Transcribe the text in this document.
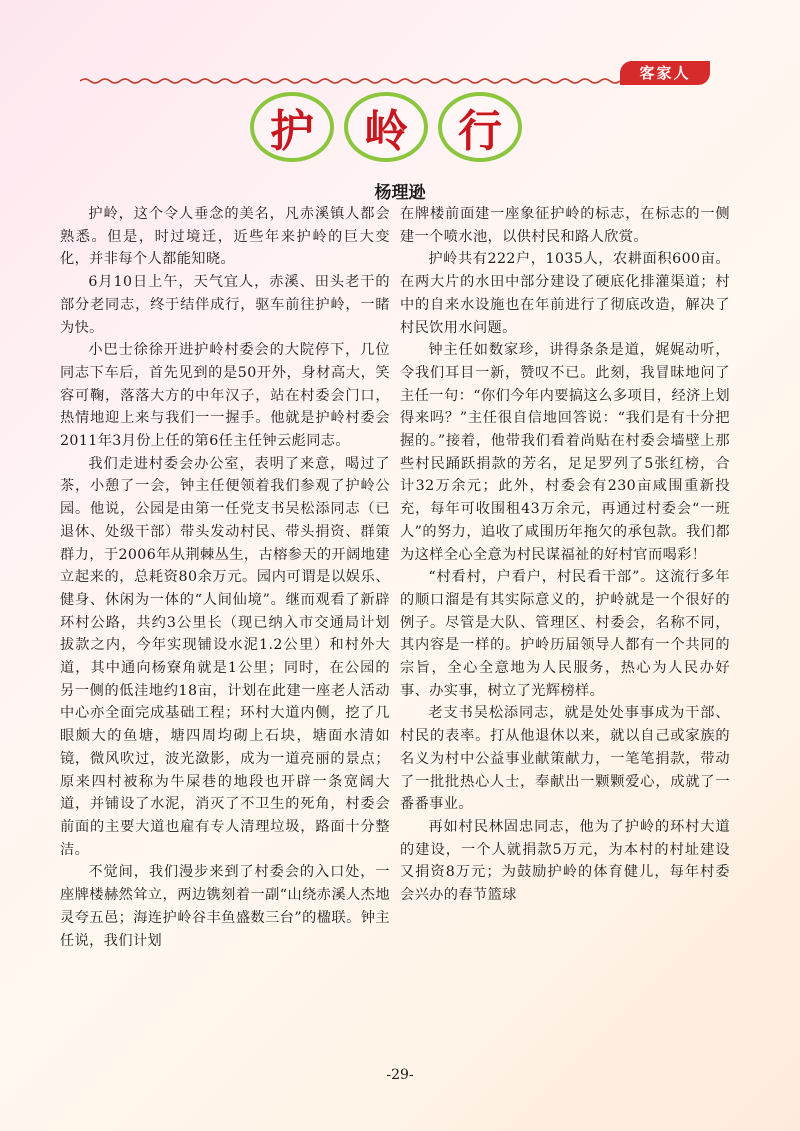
客家人
护	岭	行
杨理逊

护岭，这个令人垂念的美名，凡赤溪镇人都会熟悉。但是，时过境迁，近些年来护岭的巨大变化，并非每个人都能知晓。

6月10日上午，天气宜人，赤溪、田头老干的部分老同志，终于结伴成行，驱车前往护岭，一睹为快。

小巴士徐徐开进护岭村委会的大院停下，几位同志下车后，首先见到的是50开外，身材高大，笑容可鞠，落落大方的中年汉子，站在村委会门口，热情地迎上来与我们一一握手。他就是护岭村委会2011年3月份上任的第6任主任钟云彪同志。

我们走进村委会办公室，表明了来意，喝过了茶，小憩了一会，钟主任便领着我们参观了护岭公园。他说，公园是由第一任党支书吴松添同志（已退休、处级干部）带头发动村民、带头捐资、群策群力，于2006年从荆棘丛生，古榕参天的开阔地建立起来的，总耗资80余万元。园内可谓是以娱乐、健身、休闲为一体的“人间仙境”。继而观看了新辟环村公路，共约3公里长（现已纳入市交通局计划拔款之内，今年实现铺设水泥1.2公里）和村外大道，其中通向杨寮角就是1公里；同时，在公园的另一侧的低洼地约18亩，计划在此建一座老人活动中心亦全面完成基础工程；环村大道内侧，挖了几眼颇大的鱼塘，塘四周均砌上石块，塘面水清如镜，微风吹过，波光潋影，成为一道亮丽的景点；原来四村被称为牛屎巷的地段也开辟一条宽阔大道，并铺设了水泥，消灭了不卫生的死角，村委会前面的主要大道也雇有专人清理垃圾，路面十分整洁。

不觉间，我们漫步来到了村委会的入口处，一座牌楼赫然耸立，两边镌刻着一副“山绕赤溪人杰地灵夸五邑；海连护岭谷丰鱼盛数三台”的楹联。钟主任说，我们计划

在牌楼前面建一座象征护岭的标志，在标志的一侧建一个喷水池，以供村民和路人欣赏。

护岭共有222户，1035人，农耕面积600亩。在两大片的水田中部分建设了硬底化排灌渠道；村中的自来水设施也在年前进行了彻底改造，解决了村民饮用水问题。

钟主任如数家珍，讲得条条是道，娓娓动听，令我们耳目一新，赞叹不已。此刻，我冒昧地问了主任一句：“你们今年内要搞这么多项目，经济上划得来吗？”主任很自信地回答说：“我们是有十分把握的。”接着，他带我们看着尚贴在村委会墙壁上那些村民踊跃捐款的芳名，足足罗列了5张红榜，合计32万余元；此外，村委会有230亩咸围重新投充，每年可收围租43万余元，再通过村委会“一班人”的努力，追收了咸围历年拖欠的承包款。我们都为这样全心全意为村民谋福祉的好村官而喝彩！

“村看村，户看户，村民看干部”。这流行多年的顺口溜是有其实际意义的，护岭就是一个很好的例子。尽管是大队、管理区、村委会，名称不同，其内容是一样的。护岭历届领导人都有一个共同的宗旨，全心全意地为人民服务，热心为人民办好事、办实事，树立了光辉榜样。

老支书吴松添同志，就是处处事事成为干部、村民的表率。打从他退休以来，就以自己或家族的名义为村中公益事业献策献力，一笔笔捐款，带动了一批批热心人士，奉献出一颗颗爱心，成就了一番番事业。

再如村民林固忠同志，他为了护岭的环村大道的建设，一个人就捐款5万元，为本村的村址建设又捐资8万元；为鼓励护岭的体育健儿，每年村委会兴办的春节篮球

-29-
